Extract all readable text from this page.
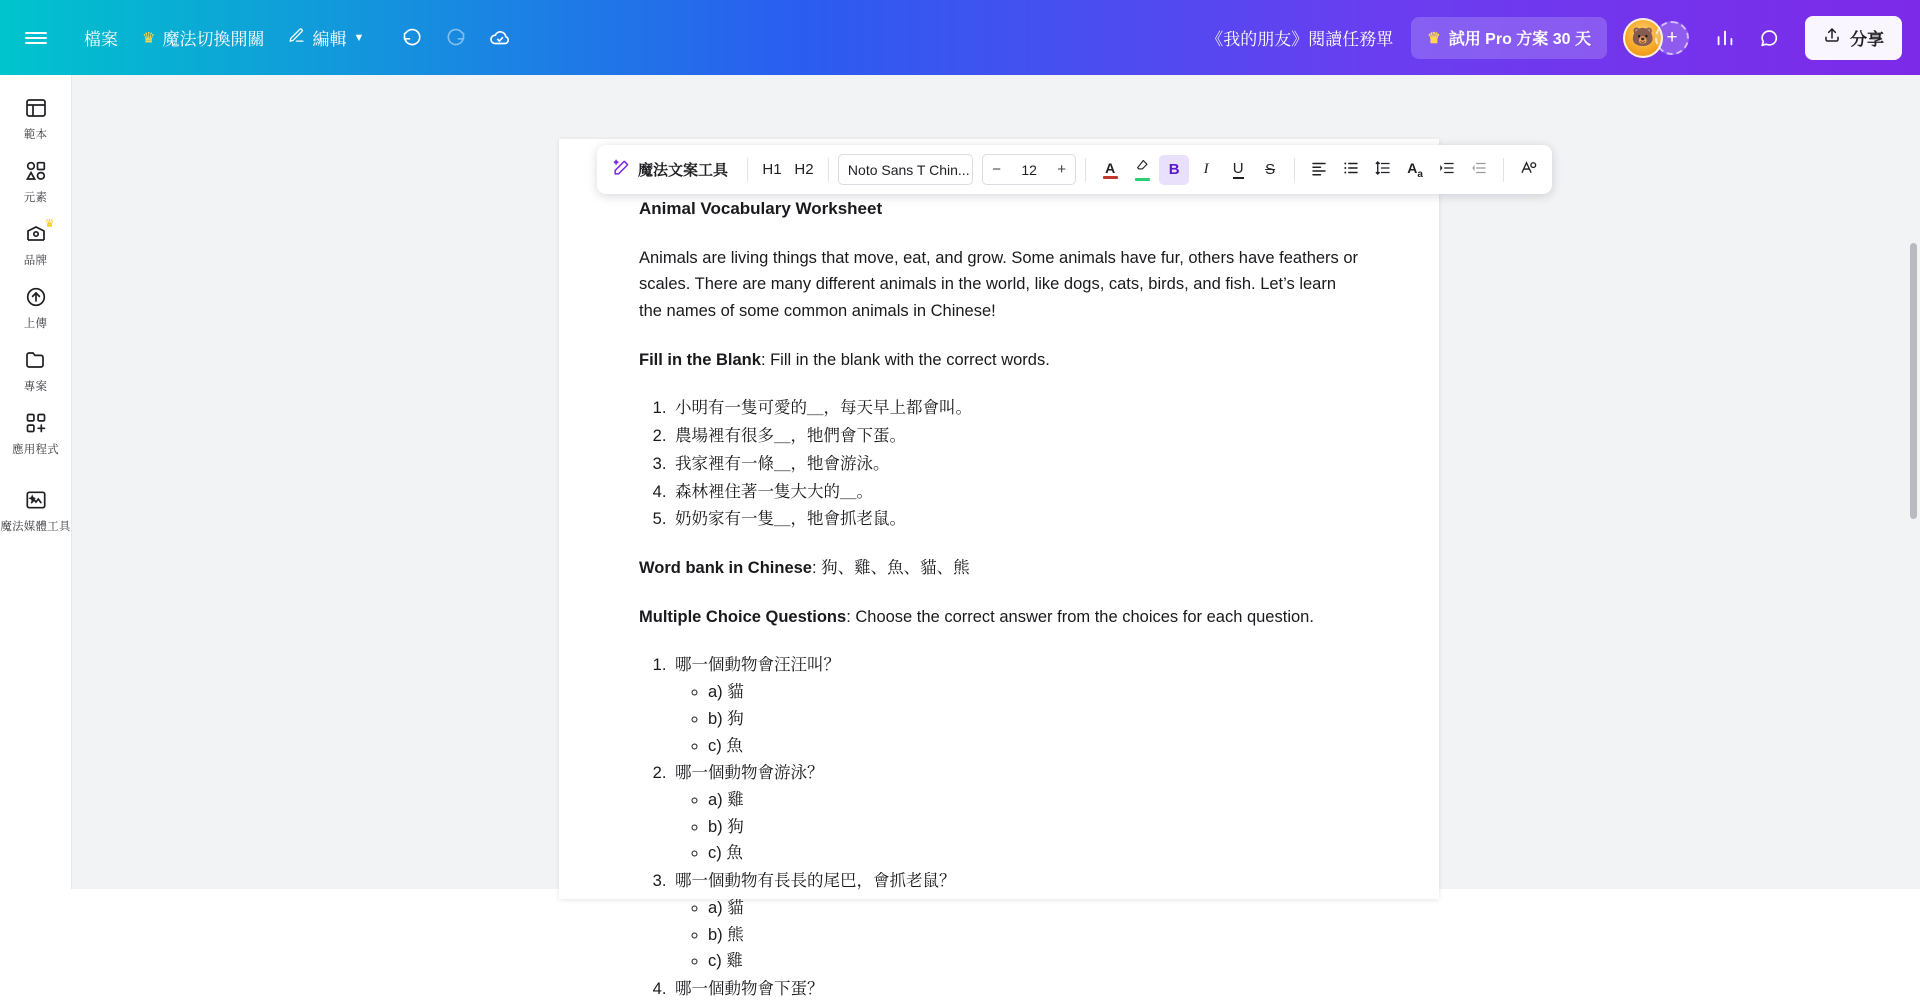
檔案 ♛ 魔法切換開關	編輯 ▼	《我的朋友》閱讀任務單 ♛ 試用 Pro 方案 30 天 🐻 +	分享
範本
元素
♛
品牌
上傳
專案
應用程式
魔法媒體工具
Animal Vocabulary Worksheet

Animals are living things that move, eat, and grow. Some animals have fur, others have feathers or scales. There are many different animals in the world, like dogs, cats, birds, and fish. Let’s learn the names of some common animals in Chinese!

Fill in the Blank: Fill in the blank with the correct words.

1. 小明有一隻可愛的＿，每天早上都會叫。
2. 農場裡有很多＿，牠們會下蛋。
3. 我家裡有一條＿，牠會游泳。
4. 森林裡住著一隻大大的＿。
5. 奶奶家有一隻＿，牠會抓老鼠。

Word bank in Chinese: 狗、雞、魚、貓、熊

Multiple Choice Questions: Choose the correct answer from the choices for each question.

1. 哪一個動物會汪汪叫？
◦ a) 貓
◦ b) 狗
◦ c) 魚
2. 哪一個動物會游泳？
◦ a) 雞
◦ b) 狗
◦ c) 魚
3. 哪一個動物有長長的尾巴，會抓老鼠？
◦ a) 貓
◦ b) 熊
◦ c) 雞
4. 哪一個動物會下蛋？
魔法文案工具 H1 H2 Noto Sans T Chin... −	12	+	A	B I U S	$A_a$
